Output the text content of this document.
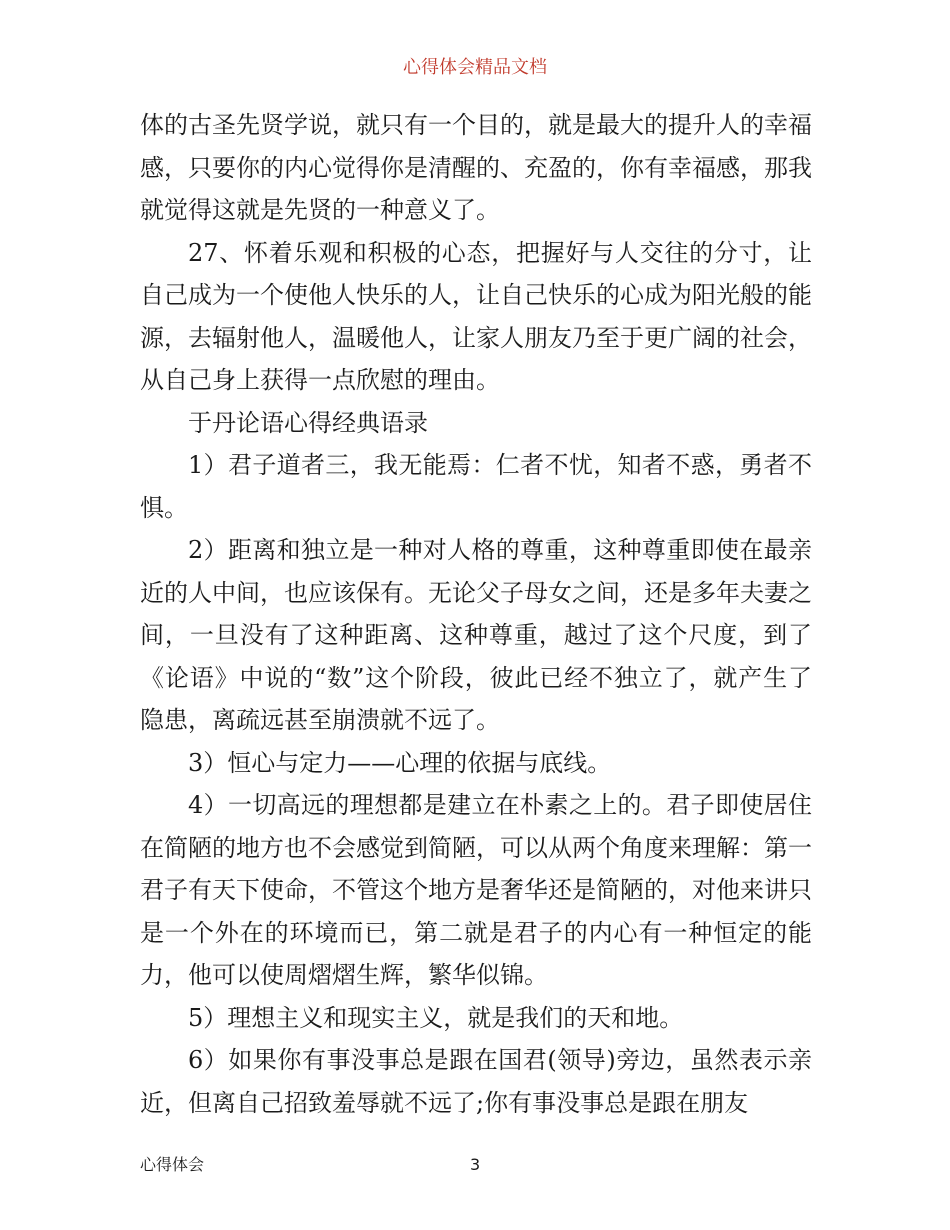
心得体会精品文档

体的古圣先贤学说，就只有一个目的，就是最大的提升人的幸福感，只要你的内心觉得你是清醒的、充盈的，你有幸福感，那我就觉得这就是先贤的一种意义了。

27、怀着乐观和积极的心态，把握好与人交往的分寸，让自己成为一个使他人快乐的人，让自己快乐的心成为阳光般的能源，去辐射他人，温暖他人，让家人朋友乃至于更广阔的社会，从自己身上获得一点欣慰的理由。

于丹论语心得经典语录

1）君子道者三，我无能焉：仁者不忧，知者不惑，勇者不惧。

2）距离和独立是一种对人格的尊重，这种尊重即使在最亲近的人中间，也应该保有。无论父子母女之间，还是多年夫妻之间，一旦没有了这种距离、这种尊重，越过了这个尺度，到了《论语》中说的“数”这个阶段，彼此已经不独立了，就产生了隐患，离疏远甚至崩溃就不远了。

3）恒心与定力——心理的依据与底线。

4）一切高远的理想都是建立在朴素之上的。君子即使居住在简陋的地方也不会感觉到简陋，可以从两个角度来理解：第一君子有天下使命，不管这个地方是奢华还是简陋的，对他来讲只是一个外在的环境而已，第二就是君子的内心有一种恒定的能力，他可以使周熠熠生辉，繁华似锦。

5）理想主义和现实主义，就是我们的天和地。

6）如果你有事没事总是跟在国君(领导)旁边，虽然表示亲近，但离自己招致羞辱就不远了;你有事没事总是跟在朋友

心得体会	3
